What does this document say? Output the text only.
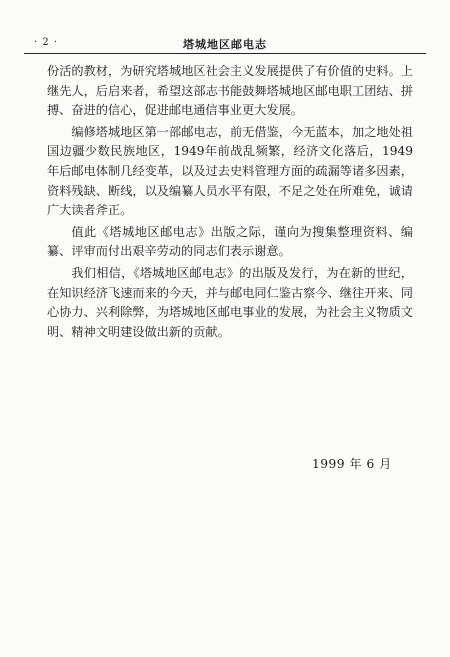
· 2 ·	塔城地区邮电志

份活的教材，为研究塔城地区社会主义发展提供了有价值的史料。上继先人，后启来者，希望这部志书能鼓舞塔城地区邮电职工团结、拼搏、奋进的信心，促进邮电通信事业更大发展。

编修塔城地区第一部邮电志，前无借鉴，今无蓝本，加之地处祖国边疆少数民族地区，1949年前战乱频繁，经济文化落后，1949年后邮电体制几经变革，以及过去史料管理方面的疏漏等诸多因素，资料残缺、断线，以及编纂人员水平有限，不足之处在所难免，诚请广大读者斧正。

值此《塔城地区邮电志》出版之际，谨向为搜集整理资料、编纂、评审而付出艰辛劳动的同志们表示谢意。

我们相信，《塔城地区邮电志》的出版及发行，为在新的世纪，在知识经济飞速而来的今天，并与邮电同仁鉴古察今、继往开来、同心协力、兴利除弊，为塔城地区邮电事业的发展，为社会主义物质文明、精神文明建设做出新的贡献。

1999 年 6 月
